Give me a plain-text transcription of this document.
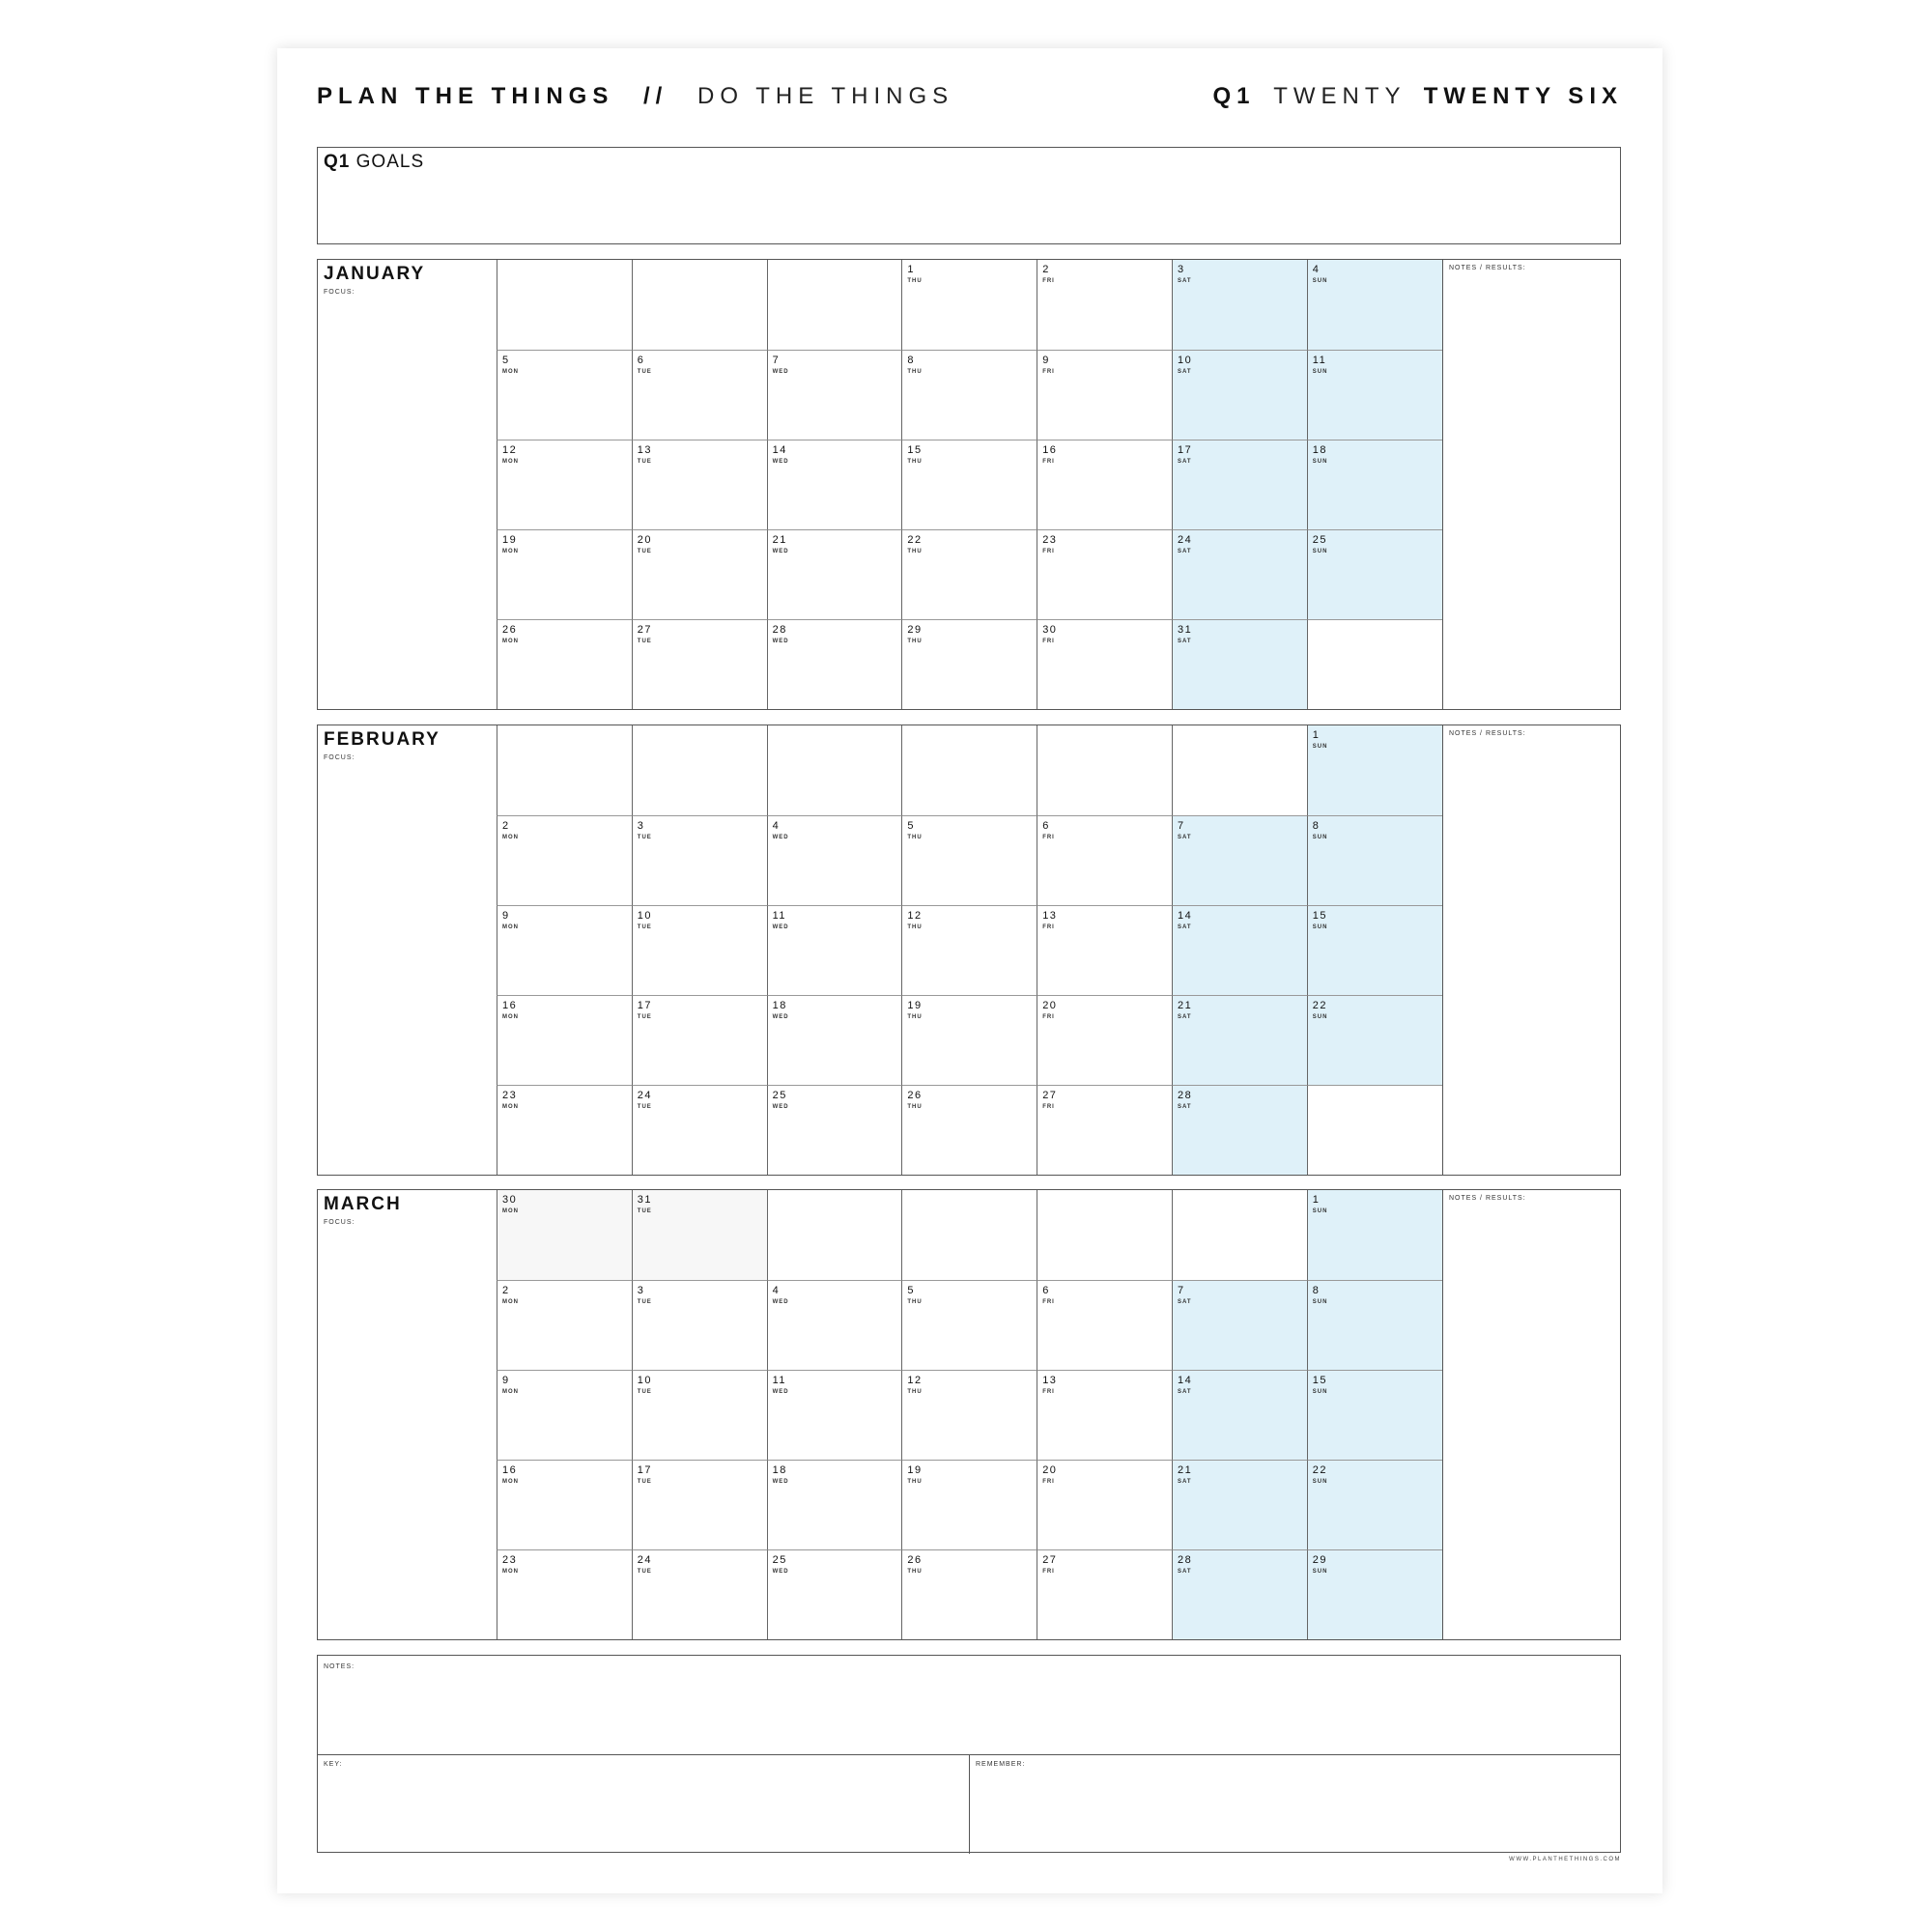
PLAN THE THINGS // DO THE THINGS	Q1 TWENTY TWENTY SIX
Q1 GOALS
JANUARY
FOCUS:
1
THU
2
FRI
3
SAT
4
SUN
5
MON
6
TUE
7
WED
8
THU
9
FRI
10
SAT
11
SUN
12
MON
13
TUE
14
WED
15
THU
16
FRI
17
SAT
18
SUN
19
MON
20
TUE
21
WED
22
THU
23
FRI
24
SAT
25
SUN
26
MON
27
TUE
28
WED
29
THU
30
FRI
31
SAT
NOTES / RESULTS:
FEBRUARY
FOCUS:
1
SUN
2
MON
3
TUE
4
WED
5
THU
6
FRI
7
SAT
8
SUN
9
MON
10
TUE
11
WED
12
THU
13
FRI
14
SAT
15
SUN
16
MON
17
TUE
18
WED
19
THU
20
FRI
21
SAT
22
SUN
23
MON
24
TUE
25
WED
26
THU
27
FRI
28
SAT
NOTES / RESULTS:
MARCH
FOCUS:
30
MON
31
TUE
1
SUN
2
MON
3
TUE
4
WED
5
THU
6
FRI
7
SAT
8
SUN
9
MON
10
TUE
11
WED
12
THU
13
FRI
14
SAT
15
SUN
16
MON
17
TUE
18
WED
19
THU
20
FRI
21
SAT
22
SUN
23
MON
24
TUE
25
WED
26
THU
27
FRI
28
SAT
29
SUN
NOTES / RESULTS:
NOTES:
KEY:	REMEMBER:
WWW.PLANTHETHINGS.COM
